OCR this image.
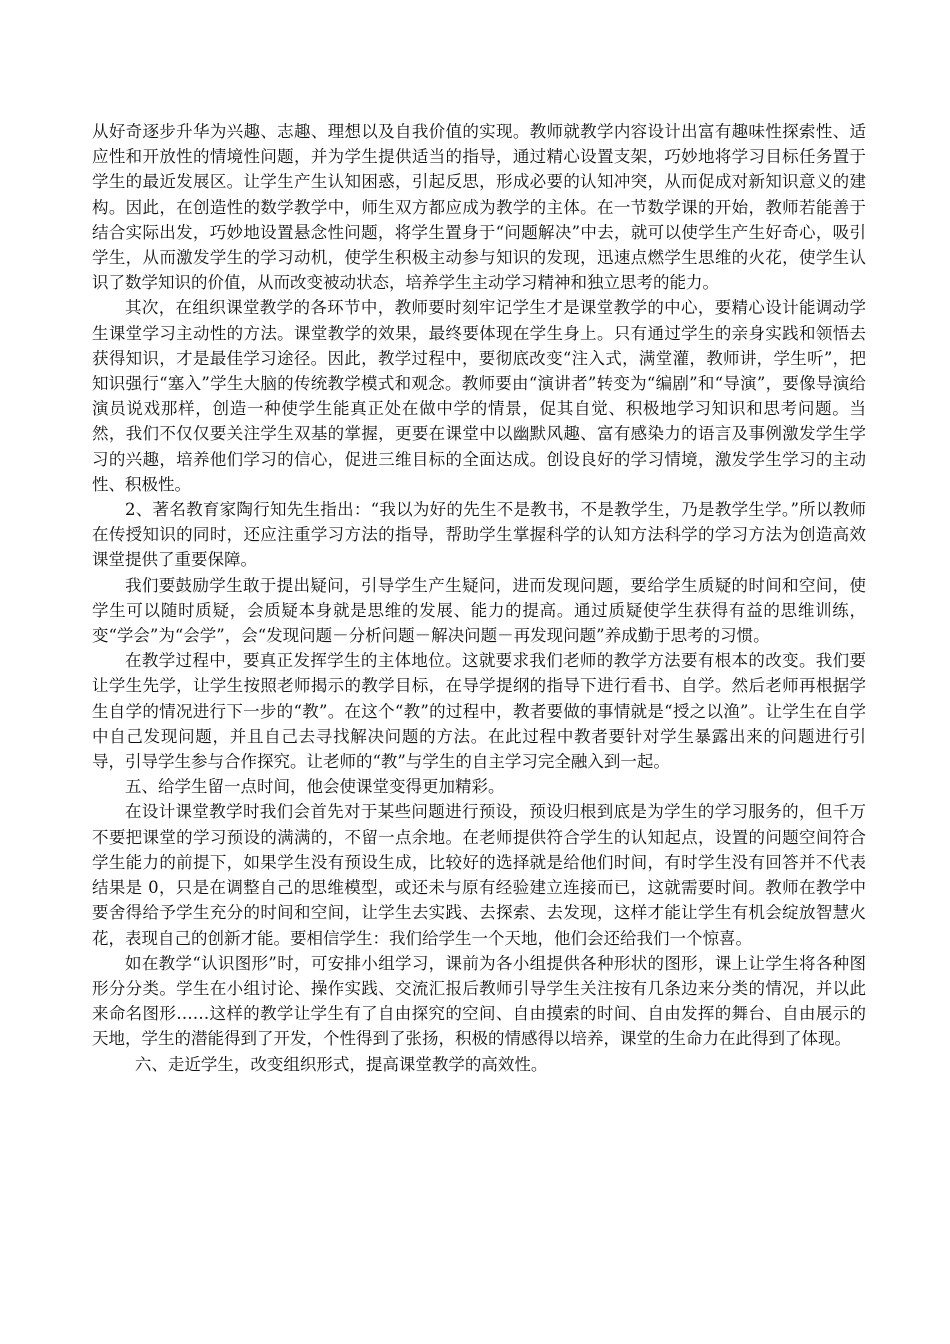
从好奇逐步升华为兴趣、志趣、理想以及自我价值的实现。教师就教学内容设计出富有趣味性探索性、适应性和开放性的情境性问题，并为学生提供适当的指导，通过精心设置支架，巧妙地将学习目标任务置于学生的最近发展区。让学生产生认知困惑，引起反思，形成必要的认知冲突，从而促成对新知识意义的建构。因此，在创造性的数学教学中，师生双方都应成为教学的主体。在一节数学课的开始，教师若能善于结合实际出发，巧妙地设置悬念性问题，将学生置身于“问题解决”中去，就可以使学生产生好奇心，吸引学生，从而激发学生的学习动机，使学生积极主动参与知识的发现，迅速点燃学生思维的火花，使学生认识了数学知识的价值，从而改变被动状态，培养学生主动学习精神和独立思考的能力。

其次，在组织课堂教学的各环节中，教师要时刻牢记学生才是课堂教学的中心，要精心设计能调动学生课堂学习主动性的方法。课堂教学的效果，最终要体现在学生身上。只有通过学生的亲身实践和领悟去获得知识，才是最佳学习途径。因此，教学过程中，要彻底改变“注入式，满堂灌，教师讲，学生听”，把知识强行“塞入”学生大脑的传统教学模式和观念。教师要由“演讲者”转变为“编剧”和“导演”，要像导演给演员说戏那样，创造一种使学生能真正处在做中学的情景，促其自觉、积极地学习知识和思考问题。当然，我们不仅仅要关注学生双基的掌握，更要在课堂中以幽默风趣、富有感染力的语言及事例激发学生学习的兴趣，培养他们学习的信心，促进三维目标的全面达成。创设良好的学习情境，激发学生学习的主动性、积极性。

2、著名教育家陶行知先生指出：“我以为好的先生不是教书，不是教学生，乃是教学生学。”所以教师在传授知识的同时，还应注重学习方法的指导，帮助学生掌握科学的认知方法科学的学习方法为创造高效课堂提供了重要保障。

我们要鼓励学生敢于提出疑问，引导学生产生疑问，进而发现问题，要给学生质疑的时间和空间，使学生可以随时质疑，会质疑本身就是思维的发展、能力的提高。通过质疑使学生获得有益的思维训练，变“学会”为“会学”，会“发现问题－分析问题－解决问题－再发现问题”养成勤于思考的习惯。

在教学过程中，要真正发挥学生的主体地位。这就要求我们老师的教学方法要有根本的改变。我们要让学生先学，让学生按照老师揭示的教学目标，在导学提纲的指导下进行看书、自学。然后老师再根据学生自学的情况进行下一步的“教”。在这个“教”的过程中，教者要做的事情就是“授之以渔”。让学生在自学中自己发现问题，并且自己去寻找解决问题的方法。在此过程中教者要针对学生暴露出来的问题进行引导，引导学生参与合作探究。让老师的“教”与学生的自主学习完全融入到一起。

五、给学生留一点时间，他会使课堂变得更加精彩。

在设计课堂教学时我们会首先对于某些问题进行预设，预设归根到底是为学生的学习服务的，但千万不要把课堂的学习预设的满满的，不留一点余地。在老师提供符合学生的认知起点，设置的问题空间符合学生能力的前提下，如果学生没有预设生成，比较好的选择就是给他们时间，有时学生没有回答并不代表结果是 0，只是在调整自己的思维模型，或还未与原有经验建立连接而已，这就需要时间。教师在教学中要舍得给予学生充分的时间和空间，让学生去实践、去探索、去发现，这样才能让学生有机会绽放智慧火花，表现自己的创新才能。要相信学生：我们给学生一个天地，他们会还给我们一个惊喜。

如在教学“认识图形”时，可安排小组学习，课前为各小组提供各种形状的图形，课上让学生将各种图形分分类。学生在小组讨论、操作实践、交流汇报后教师引导学生关注按有几条边来分类的情况，并以此来命名图形……这样的教学让学生有了自由探究的空间、自由摸索的时间、自由发挥的舞台、自由展示的天地，学生的潜能得到了开发，个性得到了张扬，积极的情感得以培养，课堂的生命力在此得到了体现。

六、走近学生，改变组织形式，提高课堂教学的高效性。
